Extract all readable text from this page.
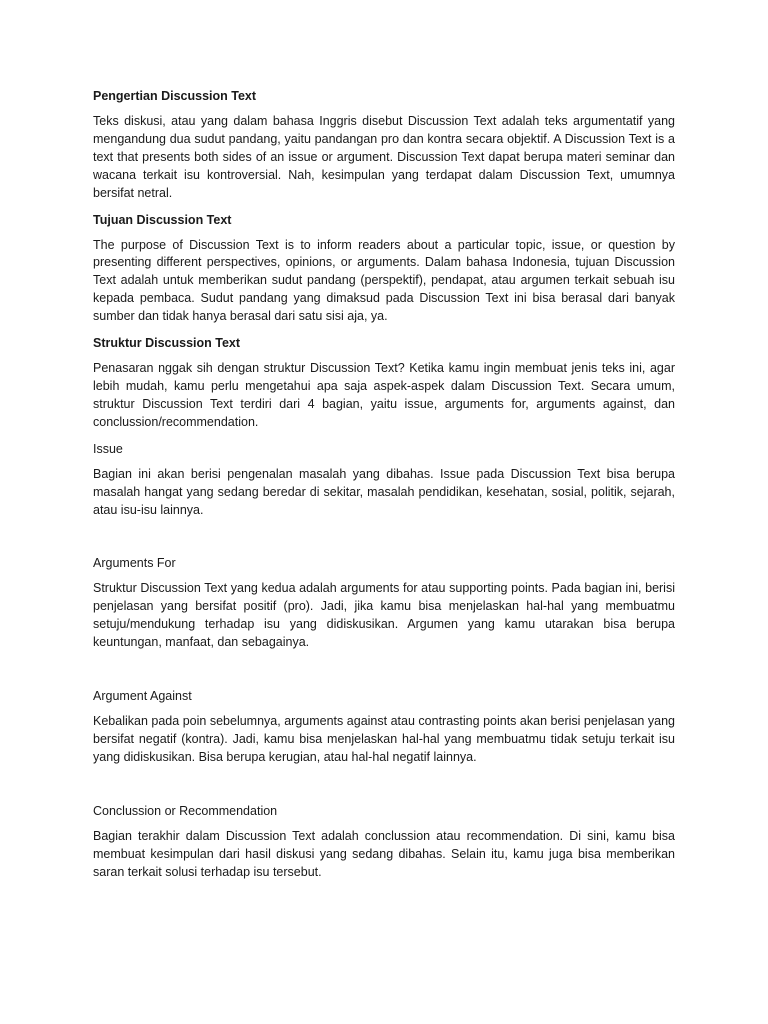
Pengertian Discussion Text
Teks diskusi, atau yang dalam bahasa Inggris disebut Discussion Text adalah teks argumentatif yang mengandung dua sudut pandang, yaitu pandangan pro dan kontra secara objektif. A Discussion Text is a text that presents both sides of an issue or argument. Discussion Text dapat berupa materi seminar dan wacana terkait isu kontroversial. Nah, kesimpulan yang terdapat dalam Discussion Text, umumnya bersifat netral.
Tujuan Discussion Text
The purpose of Discussion Text is to inform readers about a particular topic, issue, or question by presenting different perspectives, opinions, or arguments. Dalam bahasa Indonesia, tujuan Discussion Text adalah untuk memberikan sudut pandang (perspektif), pendapat, atau argumen terkait sebuah isu kepada pembaca. Sudut pandang yang dimaksud pada Discussion Text ini bisa berasal dari banyak sumber dan tidak hanya berasal dari satu sisi aja, ya.
Struktur Discussion Text
Penasaran nggak sih dengan struktur Discussion Text? Ketika kamu ingin membuat jenis teks ini, agar lebih mudah, kamu perlu mengetahui apa saja aspek-aspek dalam Discussion Text. Secara umum, struktur Discussion Text terdiri dari 4 bagian, yaitu issue, arguments for, arguments against, dan conclussion/recommendation.
Issue
Bagian ini akan berisi pengenalan masalah yang dibahas. Issue pada Discussion Text bisa berupa masalah hangat yang sedang beredar di sekitar, masalah pendidikan, kesehatan, sosial, politik, sejarah, atau isu-isu lainnya.
Arguments For
Struktur Discussion Text yang kedua adalah arguments for atau supporting points. Pada bagian ini, berisi penjelasan yang bersifat positif (pro). Jadi, jika kamu bisa menjelaskan hal-hal yang membuatmu setuju/mendukung terhadap isu yang didiskusikan. Argumen yang kamu utarakan bisa berupa keuntungan, manfaat, dan sebagainya.
Argument Against
Kebalikan pada poin sebelumnya, arguments against atau contrasting points akan berisi penjelasan yang bersifat negatif (kontra). Jadi, kamu bisa menjelaskan hal-hal yang membuatmu tidak setuju terkait isu yang didiskusikan. Bisa berupa kerugian, atau hal-hal negatif lainnya.
Conclussion or Recommendation
Bagian terakhir dalam Discussion Text adalah conclussion atau recommendation. Di sini, kamu bisa membuat kesimpulan dari hasil diskusi yang sedang dibahas. Selain itu, kamu juga bisa memberikan saran terkait solusi terhadap isu tersebut.
